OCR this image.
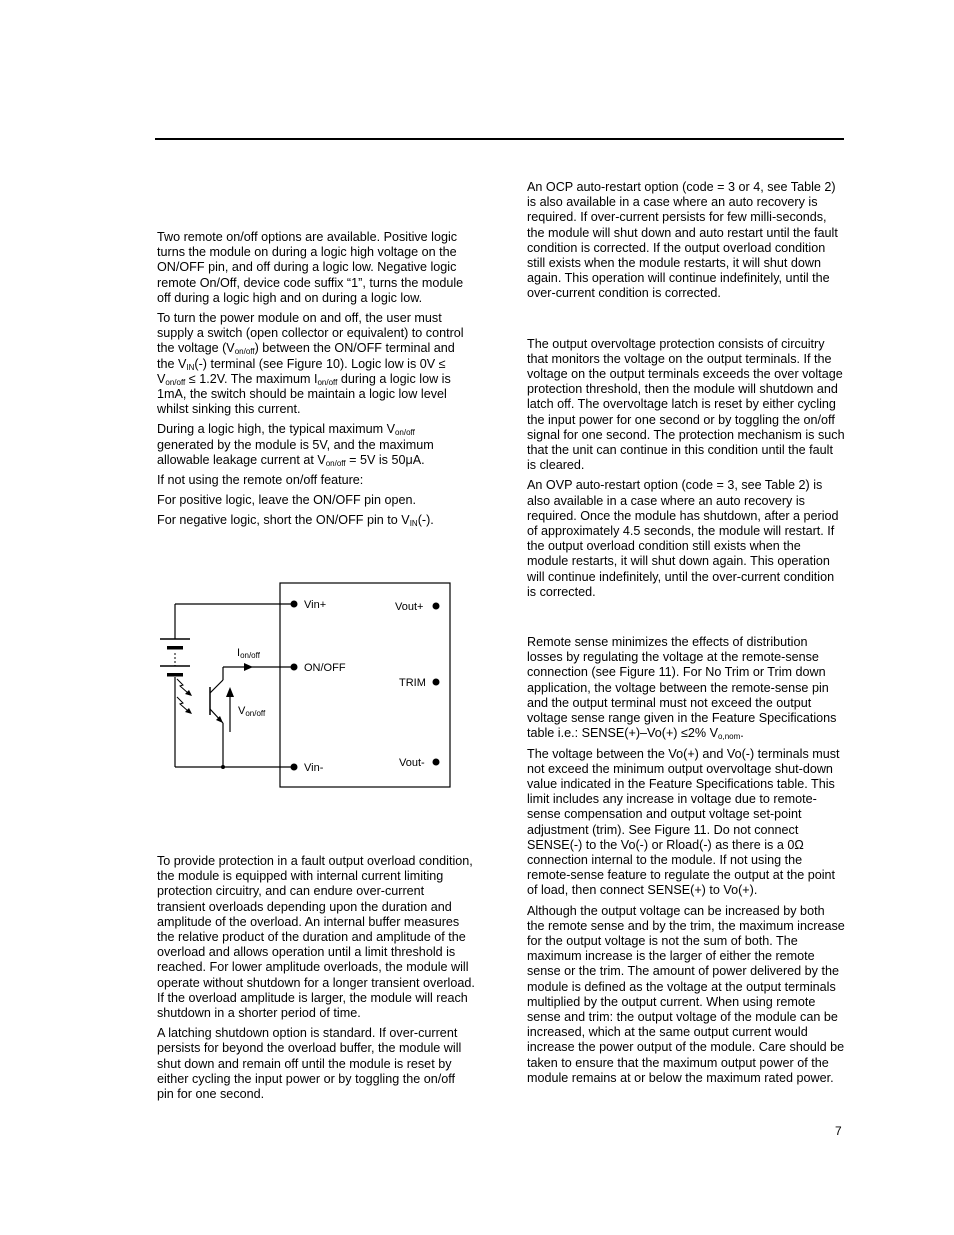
Two remote on/off options are available. Positive logic turns the module on during a logic high voltage on the ON/OFF pin, and off during a logic low. Negative logic remote On/Off, device code suffix “1”, turns the module off during a logic high and on during a logic low.

To turn the power module on and off, the user must supply a switch (open collector or equivalent) to control the voltage $(V_{on/off})$ between the ON/OFF terminal and the $V_{IN}(-)$ terminal (see Figure 10). Logic low is $0V \le V_{on/off} \le 1.2V$. The maximum $I_{on/off}$ during a logic low is 1mA, the switch should be maintain a logic low level whilst sinking this current.

During a logic high, the typical maximum $V_{on/off}$ generated by the module is 5V, and the maximum allowable leakage current at $V_{on/off} = 5V$ is 50μA.

If not using the remote on/off feature:

For positive logic, leave the ON/OFF pin open.

For negative logic, short the ON/OFF pin to $V_{IN}(-)$.

Vin+
ON/OFF
Vin-
Vout+
TRIM
Vout-
Ion/off
Von/off

To provide protection in a fault output overload condition, the module is equipped with internal current limiting protection circuitry, and can endure over-current transient overloads depending upon the duration and amplitude of the overload. An internal buffer measures the relative product of the duration and amplitude of the overload and allows operation until a limit threshold is reached. For lower amplitude overloads, the module will operate without shutdown for a longer transient overload. If the overload amplitude is larger, the module will reach shutdown in a shorter period of time.

A latching shutdown option is standard. If over-current persists for beyond the overload buffer, the module will shut down and remain off until the module is reset by either cycling the input power or by toggling the on/off pin for one second.

An OCP auto-restart option (code = 3 or 4, see Table 2) is also available in a case where an auto recovery is required. If over-current persists for few milli-seconds, the module will shut down and auto restart until the fault condition is corrected. If the output overload condition still exists when the module restarts, it will shut down again. This operation will continue indefinitely, until the over-current condition is corrected.

The output overvoltage protection consists of circuitry that monitors the voltage on the output terminals. If the voltage on the output terminals exceeds the over voltage protection threshold, then the module will shutdown and latch off. The overvoltage latch is reset by either cycling the input power for one second or by toggling the on/off signal for one second. The protection mechanism is such that the unit can continue in this condition until the fault is cleared.

An OVP auto-restart option (code = 3, see Table 2) is also available in a case where an auto recovery is required. Once the module has shutdown, after a period of approximately 4.5 seconds, the module will restart. If the output overload condition still exists when the module restarts, it will shut down again. This operation will continue indefinitely, until the over-current condition is corrected.

Remote sense minimizes the effects of distribution losses by regulating the voltage at the remote-sense connection (see Figure 11). For No Trim or Trim down application, the voltage between the remote-sense pin and the output terminal must not exceed the output voltage sense range given in the Feature Specifications table i.e.: SENSE(+)–Vo(+) ≤2% $V_{o,nom}$.

The voltage between the Vo(+) and Vo(-) terminals must not exceed the minimum output overvoltage shut-down value indicated in the Feature Specifications table. This limit includes any increase in voltage due to remote-sense compensation and output voltage set-point adjustment (trim). See Figure 11. Do not connect SENSE(-) to the Vo(-) or Rload(-) as there is a 0Ω connection internal to the module. If not using the remote-sense feature to regulate the output at the point of load, then connect SENSE(+) to Vo(+).

Although the output voltage can be increased by both the remote sense and by the trim, the maximum increase for the output voltage is not the sum of both. The maximum increase is the larger of either the remote sense or the trim. The amount of power delivered by the module is defined as the voltage at the output terminals multiplied by the output current. When using remote sense and trim: the output voltage of the module can be increased, which at the same output current would increase the power output of the module. Care should be taken to ensure that the maximum output power of the module remains at or below the maximum rated power.

7
